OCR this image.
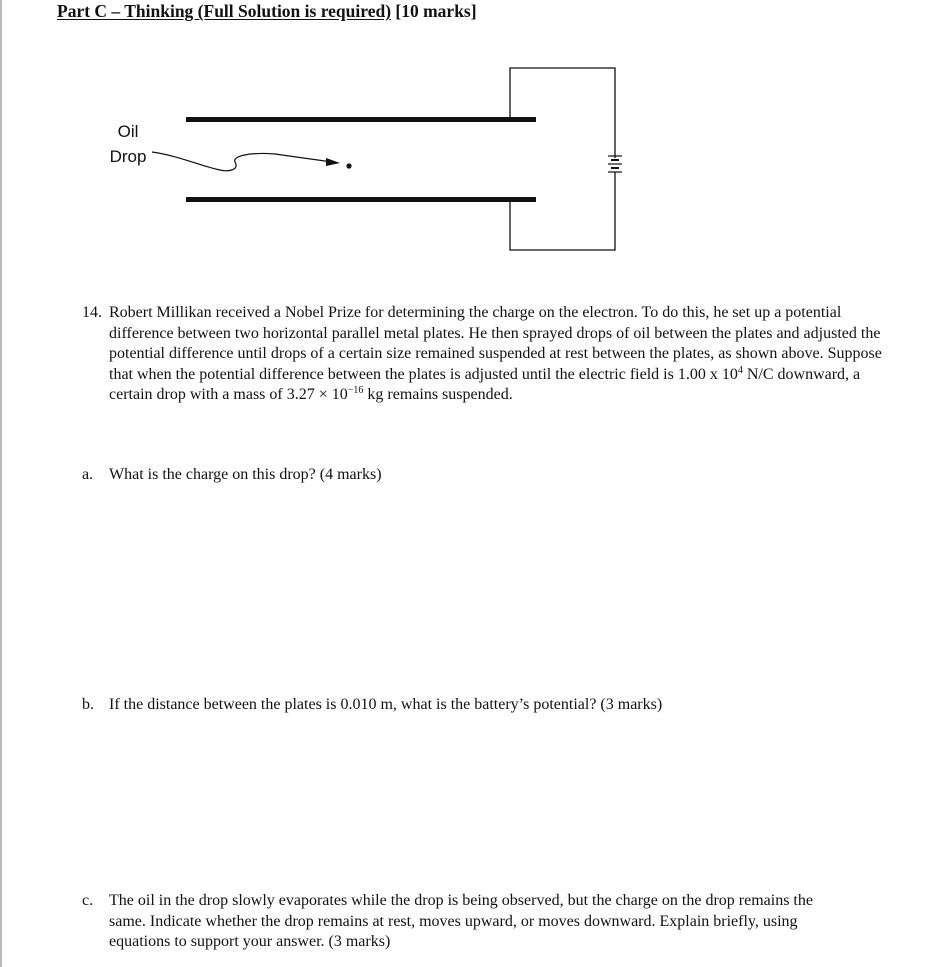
Part C – Thinking (Full Solution is required) [10 marks]
Oil
Drop
14. Robert Millikan received a Nobel Prize for determining the charge on the electron. To do this, he set up a potential difference between two horizontal parallel metal plates. He then sprayed drops of oil between the plates and adjusted the potential difference until drops of a certain size remained suspended at rest between the plates, as shown above. Suppose that when the potential difference between the plates is adjusted until the electric field is 1.00 x $10^4$ N/C downward, a certain drop with a mass of $3.27 \times 10^{-16}$ kg remains suspended.
a. What is the charge on this drop? (4 marks)
b. If the distance between the plates is 0.010 m, what is the battery’s potential? (3 marks)
c. The oil in the drop slowly evaporates while the drop is being observed, but the charge on the drop remains the same. Indicate whether the drop remains at rest, moves upward, or moves downward. Explain briefly, using equations to support your answer. (3 marks)
